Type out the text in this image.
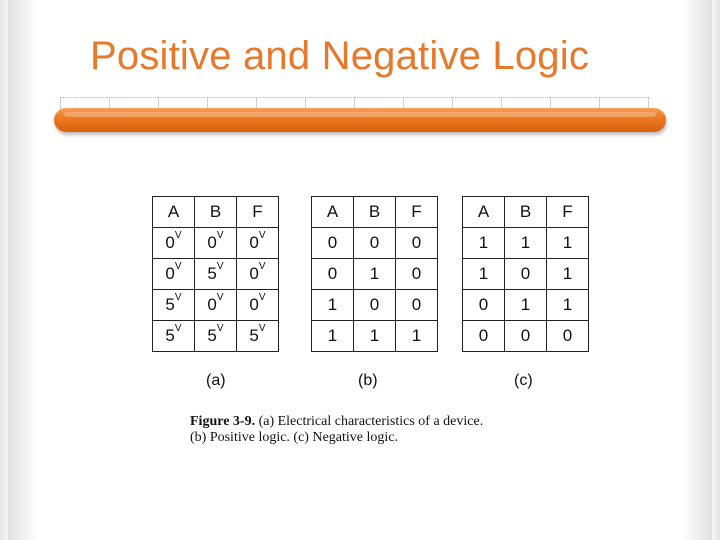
Positive and Negative Logic
A	B	F
$0^V$	$0^V$	$0^V$
$0^V$	$5^V$	$0^V$
$5^V$	$0^V$	$0^V$
$5^V$	$5^V$	$5^V$
A	B	F
0	0	0
0	1	0
1	0	0
1	1	1
A	B	F
1	1	1
1	0	1
0	1	1
0	0	0
(a)	(b)	(c)
Figure 3-9. (a) Electrical characteristics of a device.
(b) Positive logic. (c) Negative logic.
